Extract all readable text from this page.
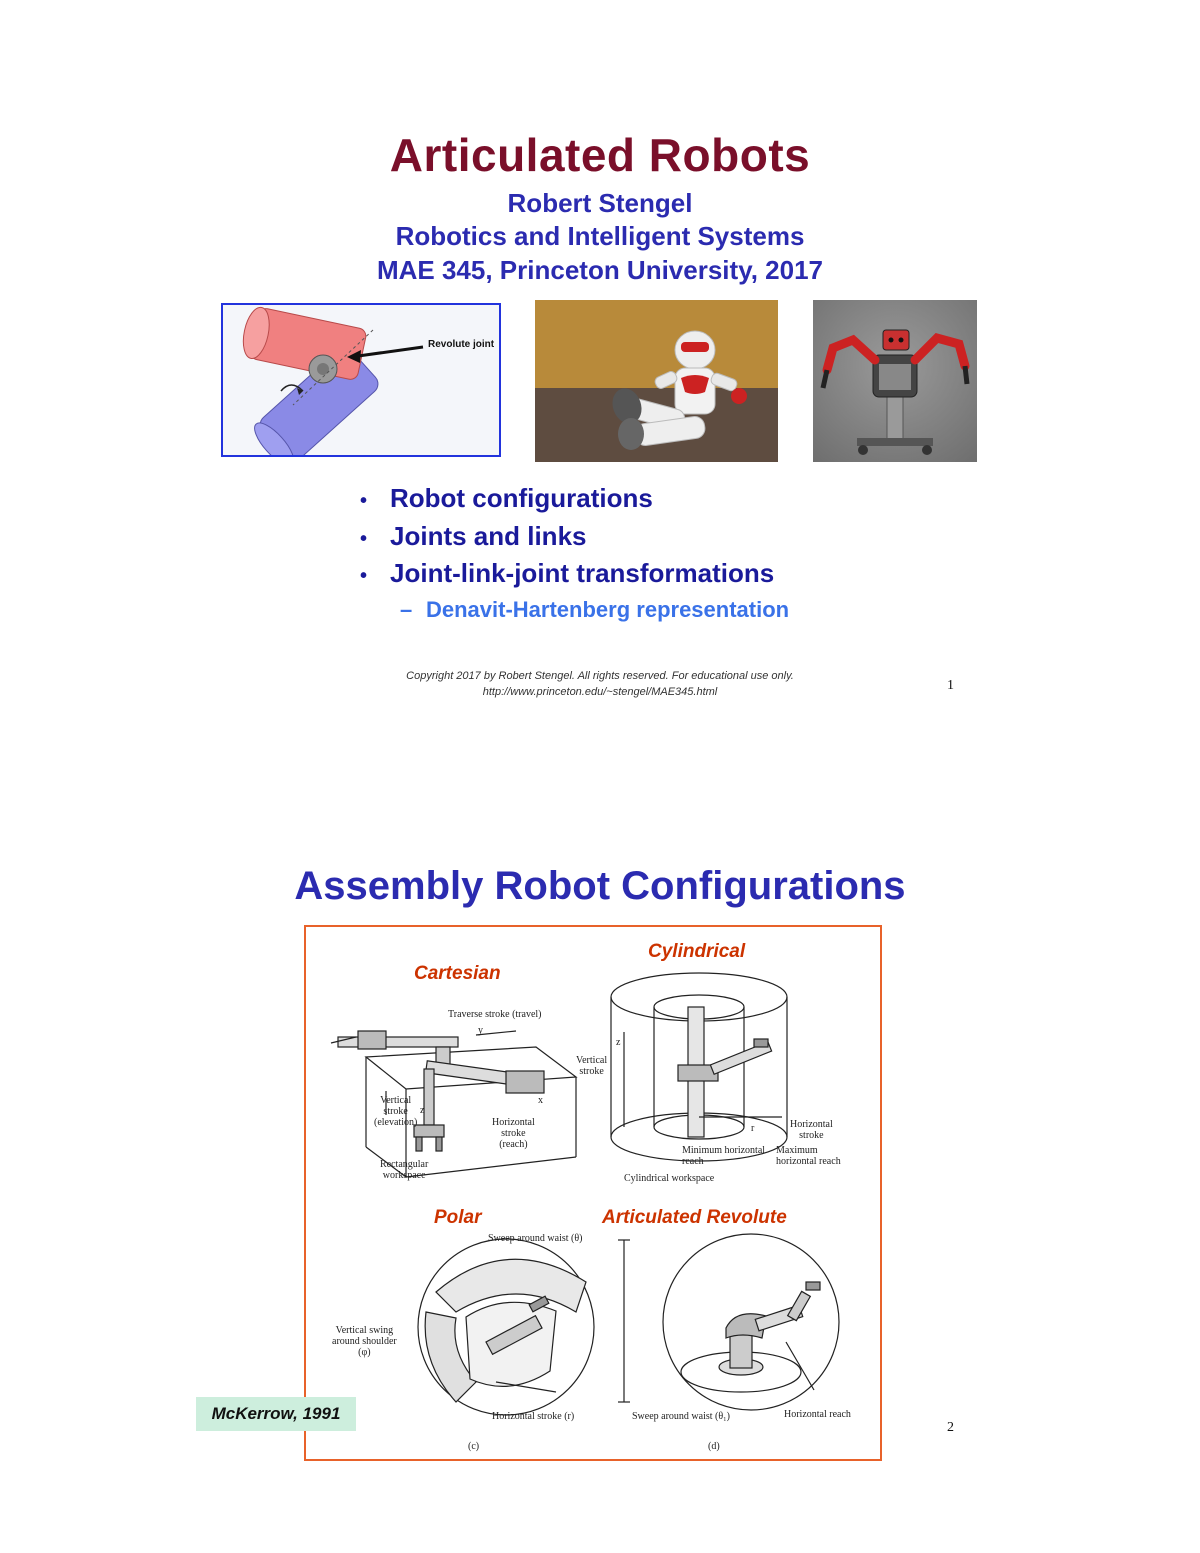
Articulated Robots
Robert Stengel
Robotics and Intelligent Systems
MAE 345, Princeton University, 2017
Revolute joint
• Robot configurations
• Joints and links
• Joint-link-joint transformations
– Denavit-Hartenberg representation
Copyright 2017 by Robert Stengel. All rights reserved. For educational use only.
http://www.princeton.edu/~stengel/MAE345.html	1
Assembly Robot Configurations
Cartesian
Traverse stroke (travel)
Vertical
stroke
(elevation)	Horizontal
stroke
(reach)
Rectangular
workspace
x
y
z
Cylindrical
Vertical
stroke
Horizontal
stroke
Minimum horizontal
reach
Maximum
horizontal reach
Cylindrical workspace
z
r
Polar
Sweep around waist (θ)
Vertical swing
around shoulder
(φ)
Horizontal stroke (r)
(c)
Articulated Revolute
Sweep around waist (θ₁)	Horizontal reach
(d)
McKerrow, 1991
2
